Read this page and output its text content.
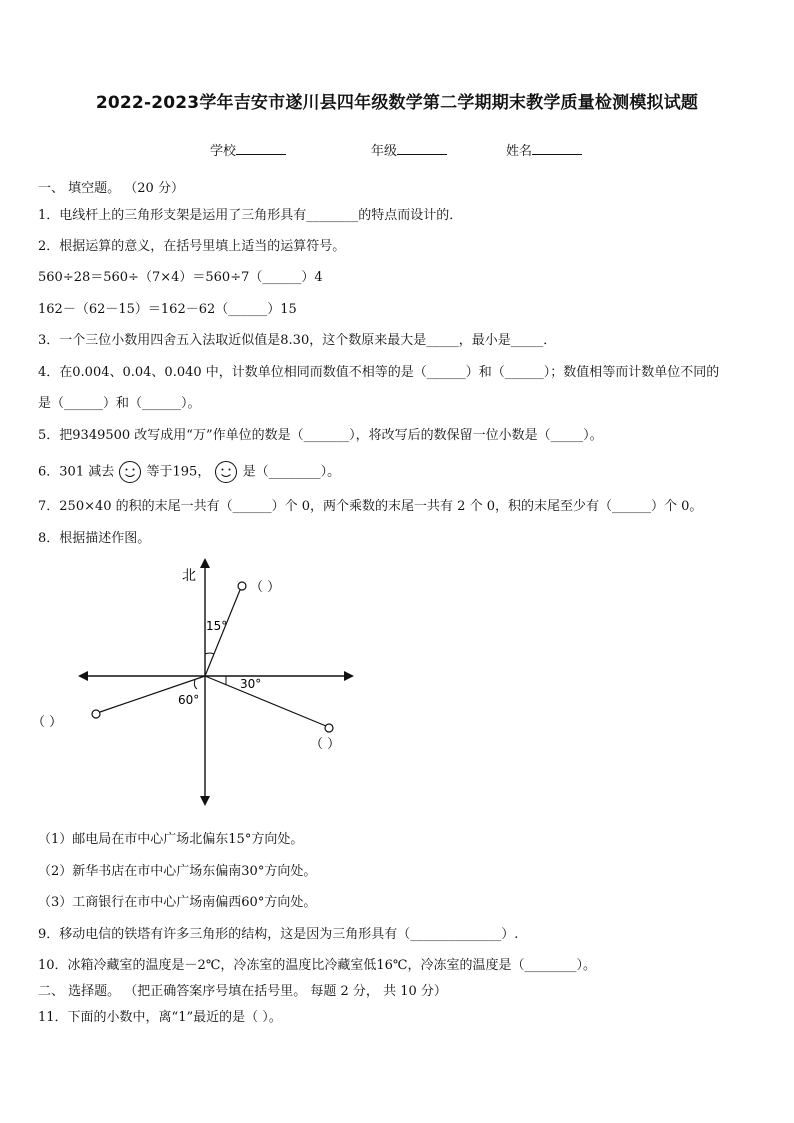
2022-2023学年吉安市遂川县四年级数学第二学期期末教学质量检测模拟试题
学校	年级	姓名
一、 填空题。 （20 分）
1．电线杆上的三角形支架是运用了三角形具有________的特点而设计的．
2．根据运算的意义，在括号里填上适当的运算符号。
560÷28＝560÷（7×4）＝560÷7（______）4
162－（62－15）＝162－62（______）15
3．一个三位小数用四舍五入法取近似值是8.30，这个数原来最大是_____，最小是_____．
4．在0.004、0.04、0.040 中，计数单位相同而数值不相等的是（______）和（______）；数值相等而计数单位不同的
是（______）和（______）。
5．把9349500 改写成用“万”作单位的数是（_______），将改写后的数保留一位小数是（_____）。
6．301 减去  等于195， 是（________）。
7．250×40 的积的末尾一共有（______）个 0，两个乘数的末尾一共有 2 个 0，积的末尾至少有（______）个 0。
8．根据描述作图。
北
（ ）
15°
（ ）
30°
（ ）
60°
（1）邮电局在市中心广场北偏东15°方向处。
（2）新华书店在市中心广场东偏南30°方向处。
（3）工商银行在市中心广场南偏西60°方向处。
9．移动电信的铁塔有许多三角形的结构，这是因为三角形具有（______________）.
10．冰箱冷藏室的温度是－2℃，冷冻室的温度比冷藏室低16℃，冷冻室的温度是（________）。
二、 选择题。 （把正确答案序号填在括号里。 每题 2 分， 共 10 分）
11．下面的小数中，离“1”最近的是（ ）。
